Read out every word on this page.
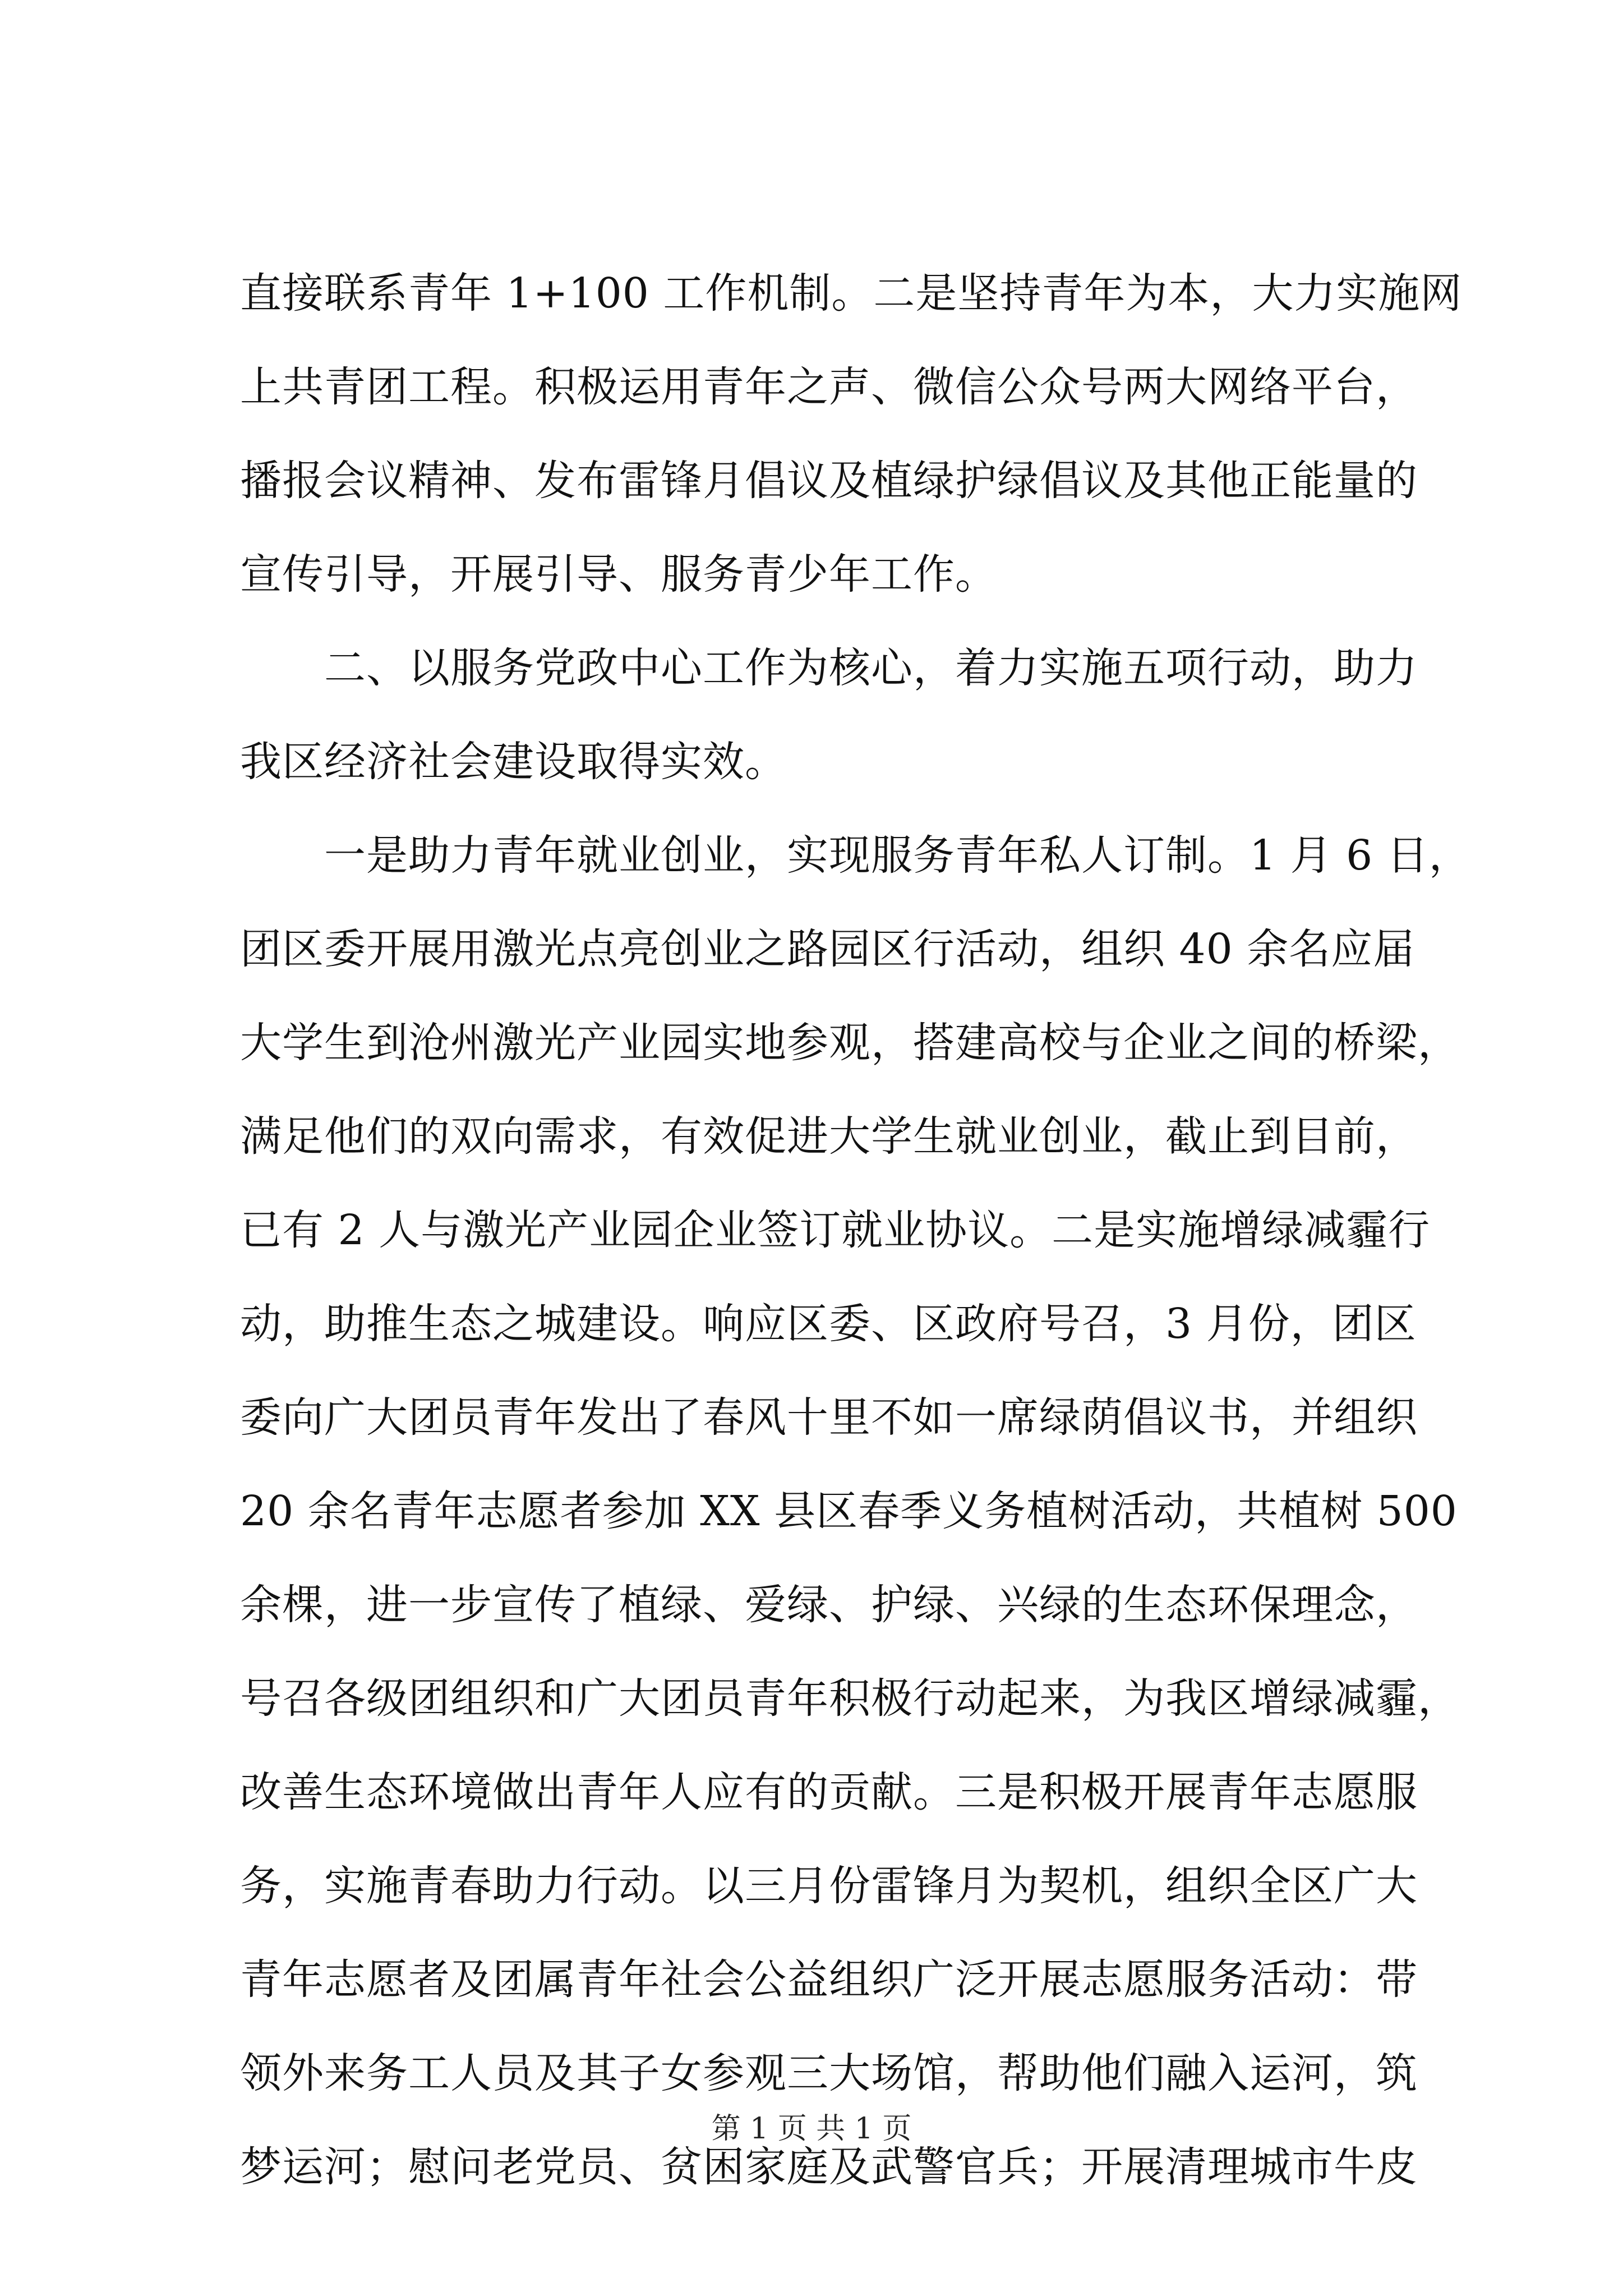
直接联系青年 1+100 工作机制。二是坚持青年为本，大力实施网
上共青团工程。积极运用青年之声、微信公众号两大网络平台，
播报会议精神、发布雷锋月倡议及植绿护绿倡议及其他正能量的
宣传引导，开展引导、服务青少年工作。
二、以服务党政中心工作为核心，着力实施五项行动，助力
我区经济社会建设取得实效。
一是助力青年就业创业，实现服务青年私人订制。1 月 6 日，
团区委开展用激光点亮创业之路园区行活动，组织 40 余名应届
大学生到沧州激光产业园实地参观，搭建高校与企业之间的桥梁，
满足他们的双向需求，有效促进大学生就业创业，截止到目前，
已有 2 人与激光产业园企业签订就业协议。二是实施增绿减霾行
动，助推生态之城建设。响应区委、区政府号召，3 月份，团区
委向广大团员青年发出了春风十里不如一席绿荫倡议书，并组织
20 余名青年志愿者参加 XX 县区春季义务植树活动，共植树 500
余棵，进一步宣传了植绿、爱绿、护绿、兴绿的生态环保理念，
号召各级团组织和广大团员青年积极行动起来，为我区增绿减霾，
改善生态环境做出青年人应有的贡献。三是积极开展青年志愿服
务，实施青春助力行动。以三月份雷锋月为契机，组织全区广大
青年志愿者及团属青年社会公益组织广泛开展志愿服务活动：带
领外来务工人员及其子女参观三大场馆，帮助他们融入运河，筑
梦运河；慰问老党员、贫困家庭及武警官兵；开展清理城市牛皮
第 1 页 共 1 页
